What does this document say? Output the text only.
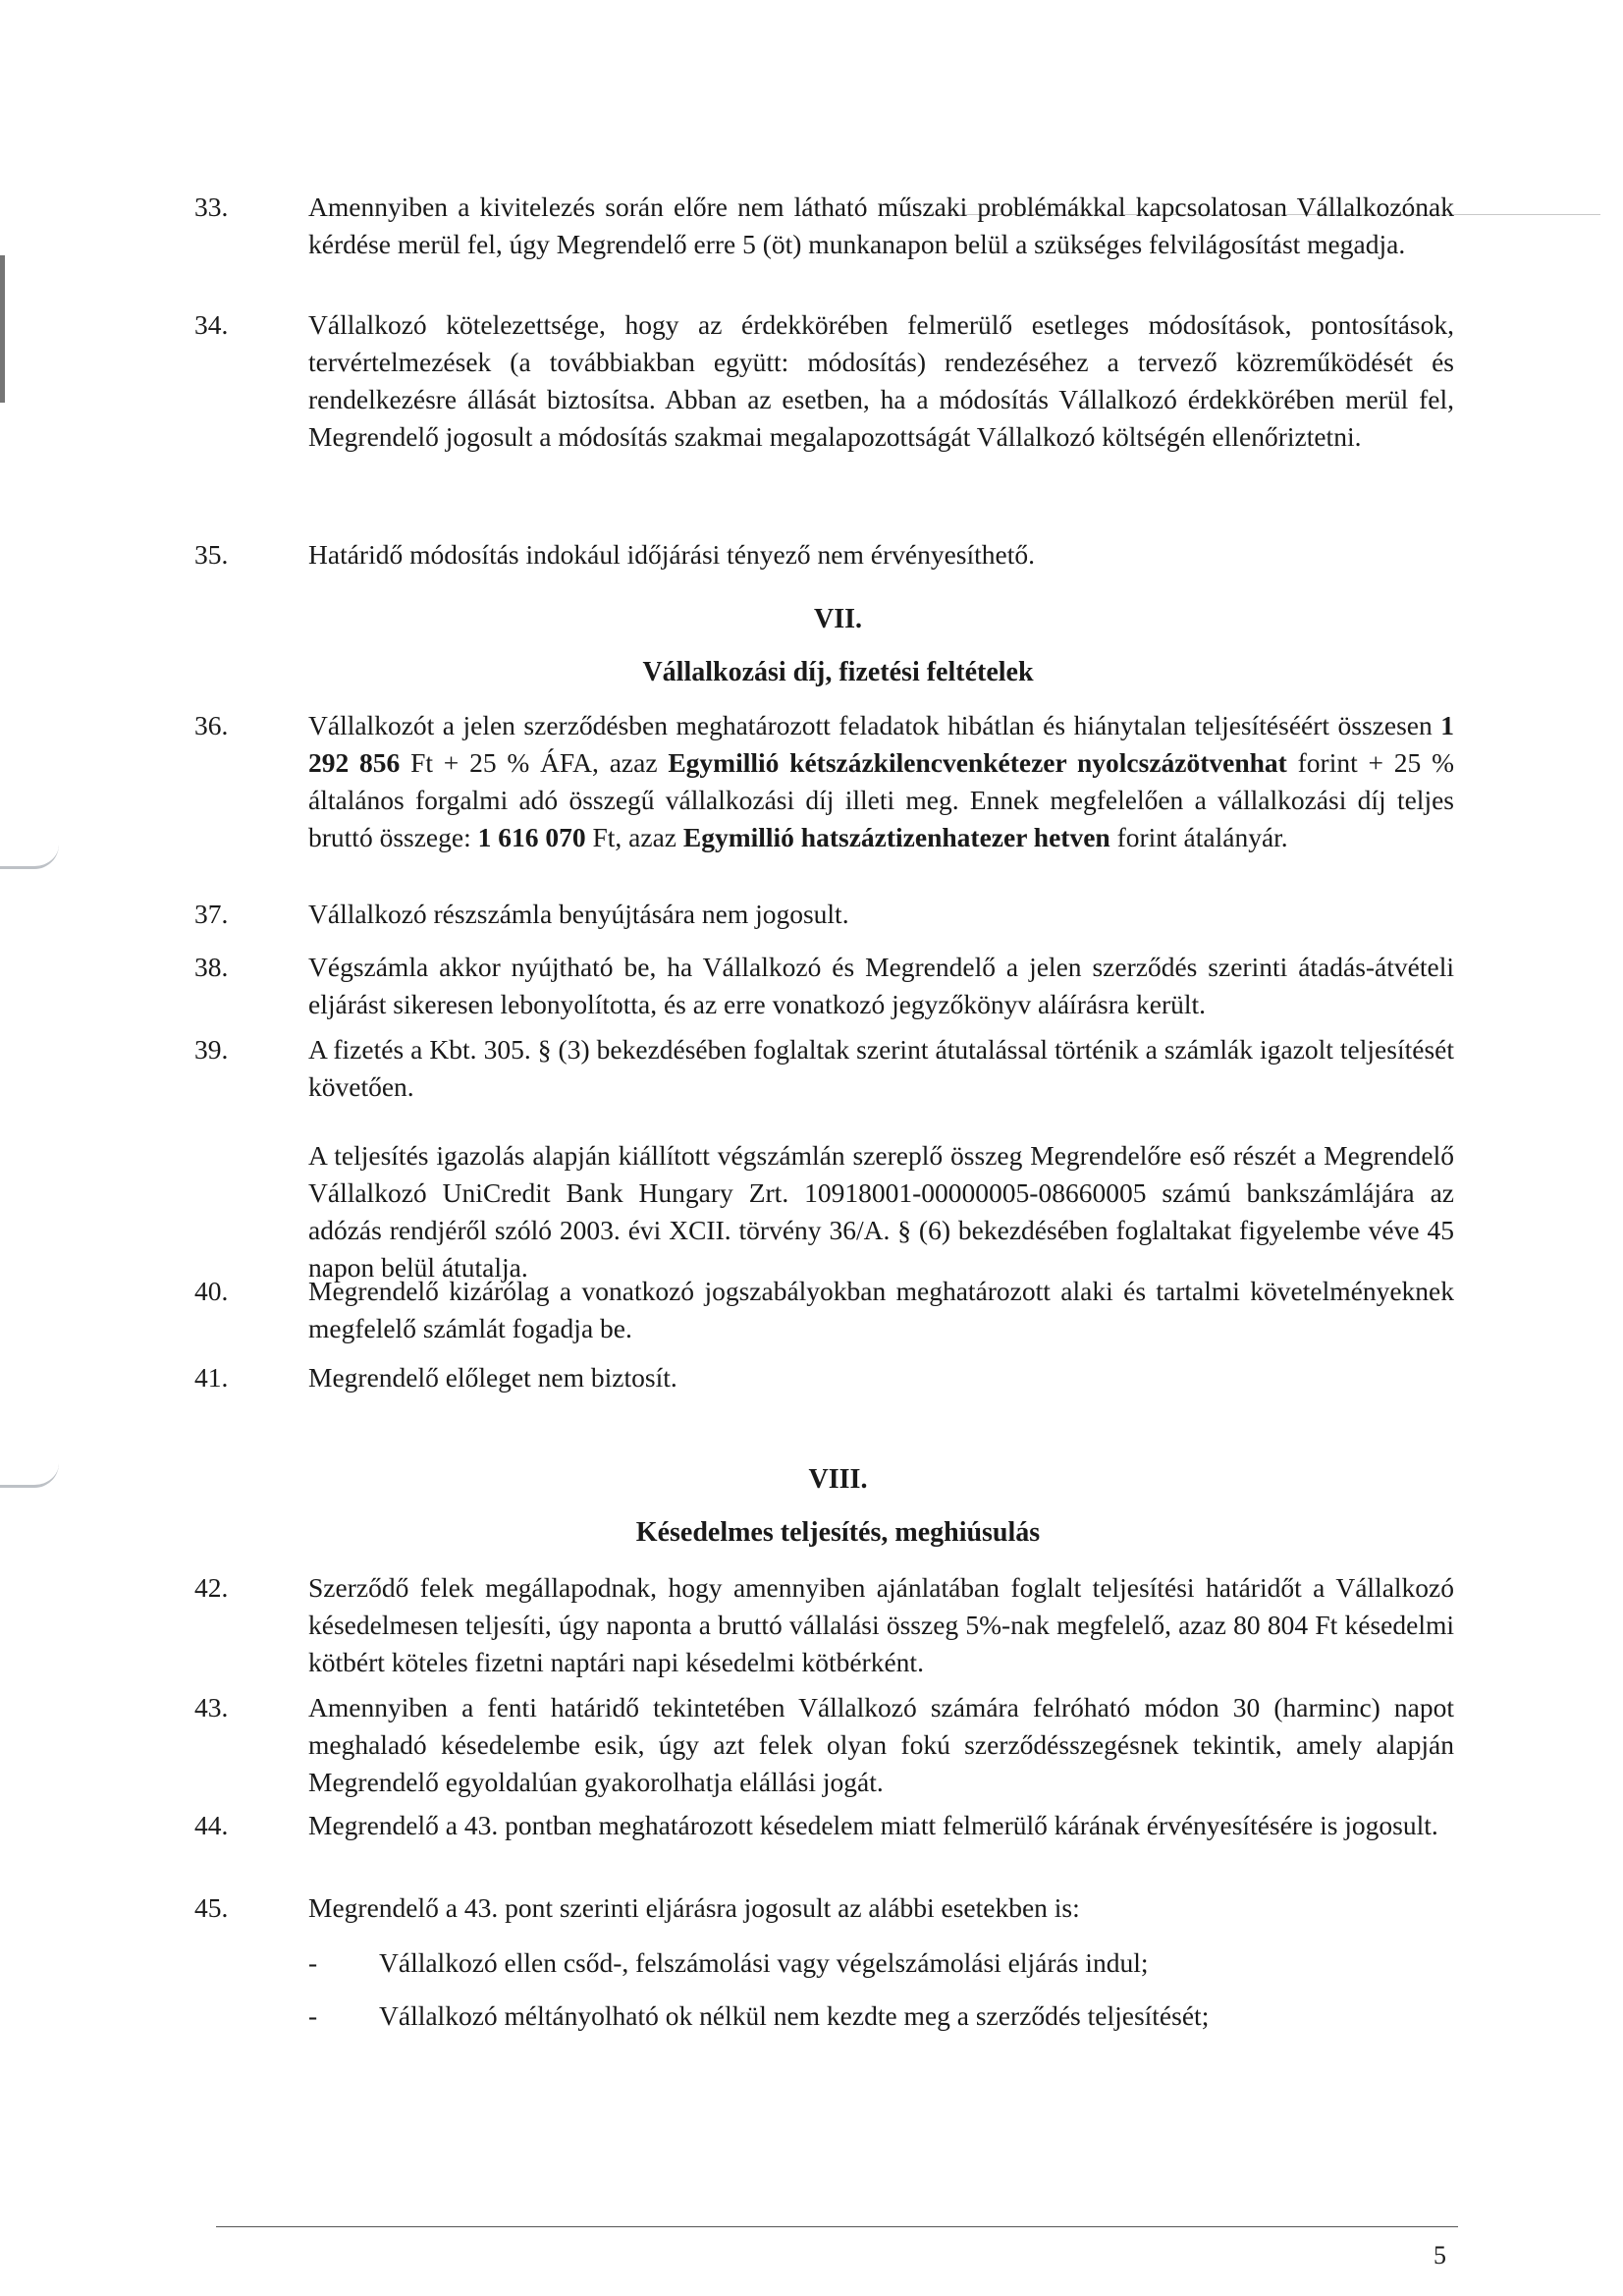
33.	Amennyiben a kivitelezés során előre nem látható műszaki problémákkal kapcsolatosan Vállalkozónak kérdése merül fel, úgy Megrendelő erre 5 (öt) munkanapon belül a szükséges felvilágosítást megadja.

34.	Vállalkozó kötelezettsége, hogy az érdekkörében felmerülő esetleges módosítások, pontosítások, tervértelmezések (a továbbiakban együtt: módosítás) rendezéséhez a tervező közreműködését és rendelkezésre állását biztosítsa. Abban az esetben, ha a módosítás Vállalkozó érdekkörében merül fel, Megrendelő jogosult a módosítás szakmai megalapozottságát Vállalkozó költségén ellenőriztetni.

35.	Határidő módosítás indokául időjárási tényező nem érvényesíthető.

VII.
Vállalkozási díj, fizetési feltételek
36.	Vállalkozót a jelen szerződésben meghatározott feladatok hibátlan és hiánytalan teljesítéséért összesen 1 292 856 Ft + 25 % ÁFA, azaz Egymillió kétszázkilencvenkétezer nyolcszázötvenhat forint + 25 % általános forgalmi adó összegű vállalkozási díj illeti meg. Ennek megfelelően a vállalkozási díj teljes bruttó összege: 1 616 070 Ft, azaz Egymillió hatszáztizenhatezer hetven forint átalányár.

37.	Vállalkozó részszámla benyújtására nem jogosult.

38.	Végszámla akkor nyújtható be, ha Vállalkozó és Megrendelő a jelen szerződés szerinti átadás-átvételi eljárást sikeresen lebonyolította, és az erre vonatkozó jegyzőkönyv aláírásra került.

39.	A fizetés a Kbt. 305. § (3) bekezdésében foglaltak szerint átutalással történik a számlák igazolt teljesítését követően.

A teljesítés igazolás alapján kiállított végszámlán szereplő összeg Megrendelőre eső részét a Megrendelő Vállalkozó UniCredit Bank Hungary Zrt. 10918001-00000005-08660005 számú bankszámlájára az adózás rendjéről szóló 2003. évi XCII. törvény 36/A. § (6) bekezdésében foglaltakat figyelembe véve 45 napon belül átutalja.

40.	Megrendelő kizárólag a vonatkozó jogszabályokban meghatározott alaki és tartalmi követelményeknek megfelelő számlát fogadja be.

41.	Megrendelő előleget nem biztosít.

VIII.
Késedelmes teljesítés, meghiúsulás
42.	Szerződő felek megállapodnak, hogy amennyiben ajánlatában foglalt teljesítési határidőt a Vállalkozó késedelmesen teljesíti, úgy naponta a bruttó vállalási összeg 5%-nak megfelelő, azaz 80 804 Ft késedelmi kötbért köteles fizetni naptári napi késedelmi kötbérként.

43.	Amennyiben a fenti határidő tekintetében Vállalkozó számára felróható módon 30 (harminc) napot meghaladó késedelembe esik, úgy azt felek olyan fokú szerződésszegésnek tekintik, amely alapján Megrendelő egyoldalúan gyakorolhatja elállási jogát.

44.	Megrendelő a 43. pontban meghatározott késedelem miatt felmerülő kárának érvényesítésére is jogosult.

45.	Megrendelő a 43. pont szerinti eljárásra jogosult az alábbi esetekben is:

- Vállalkozó ellen csőd-, felszámolási vagy végelszámolási eljárás indul;
- Vállalkozó méltányolható ok nélkül nem kezdte meg a szerződés teljesítését;
5
